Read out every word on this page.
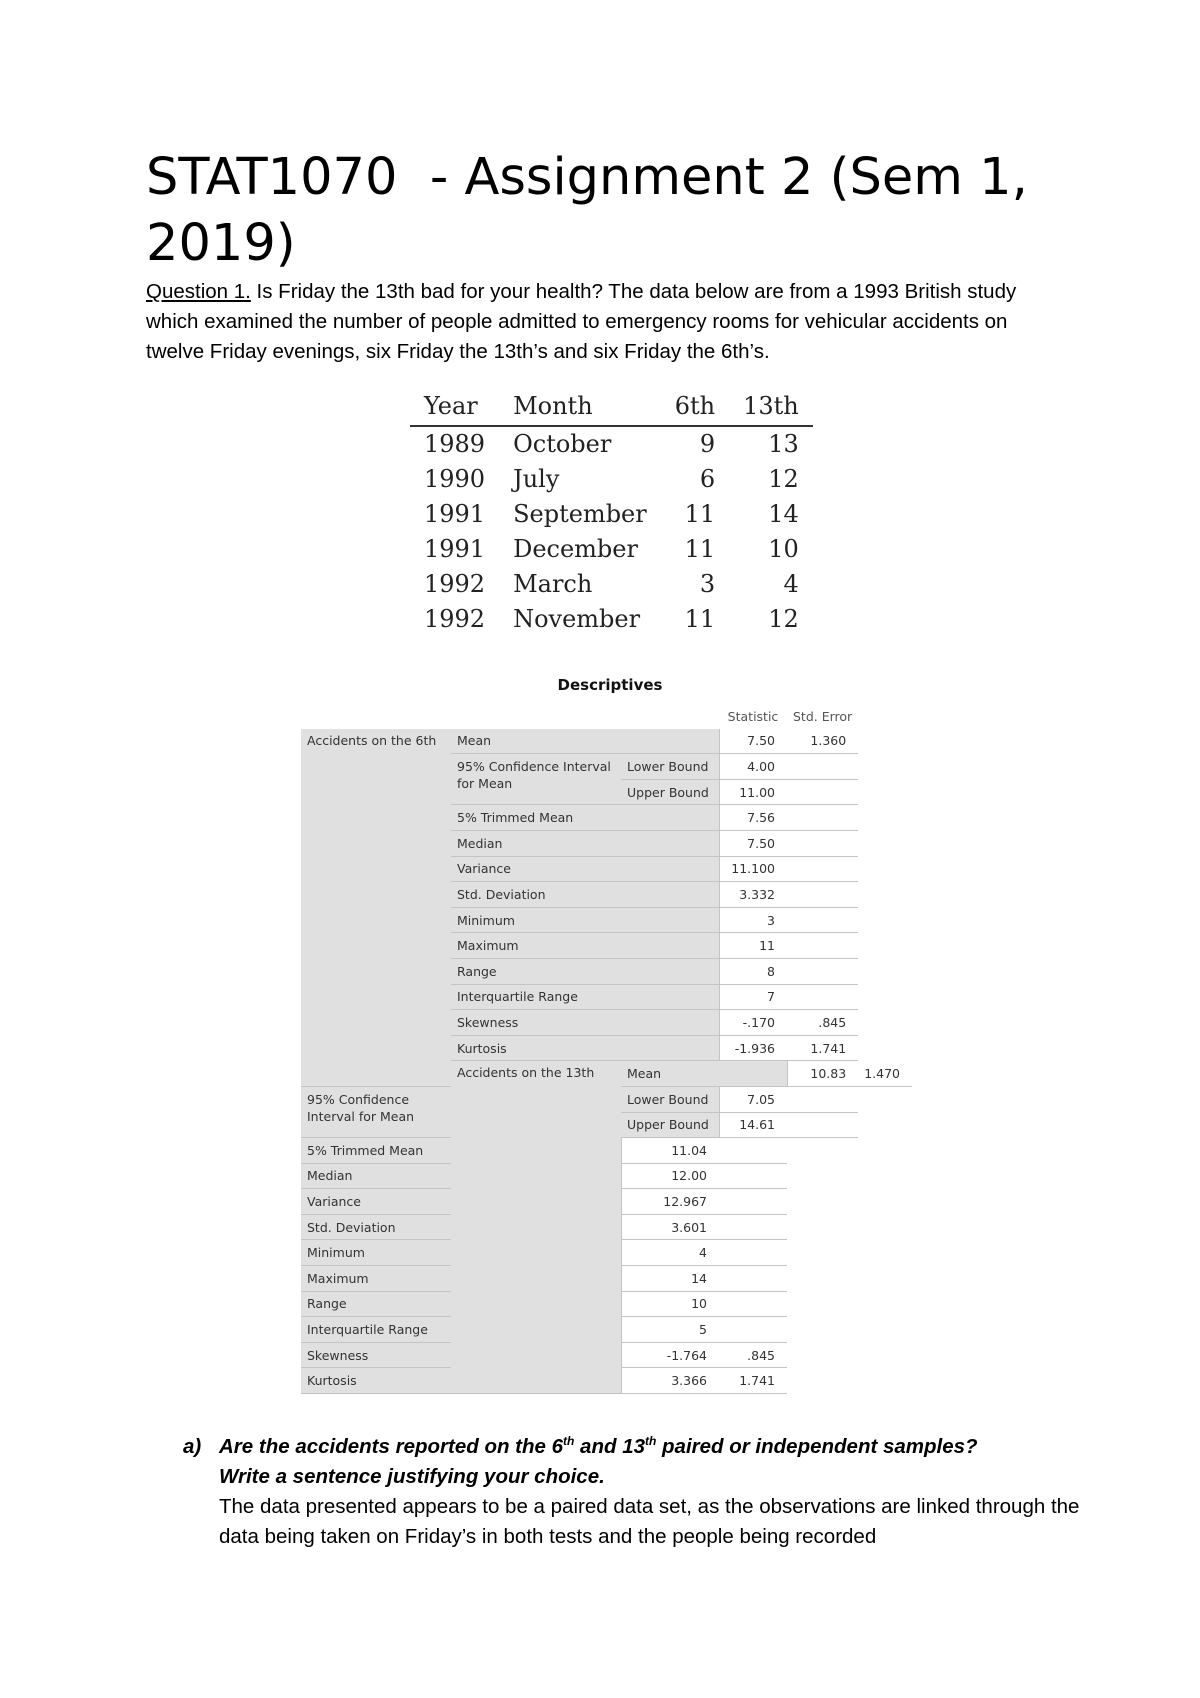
STAT1070  - Assignment 2 (Sem 1, 2019)

Question 1. Is Friday the 13th bad for your health? The data below are from a 1993 British study which examined the number of people admitted to emergency rooms for vehicular accidents on twelve Friday evenings, six Friday the 13th’s and six Friday the 6th’s.

Year	Month	6th	13th
1989	October	9	13
1990	July	6	12
1991	September	11	14
1991	December	11	10
1992	March	3	4
1992	November	11	12
Descriptives
			Statistic	Std. Error	
Accidents on the 6th	Mean		7.50	1.360	
	95% Confidence Interval for Mean	Lower Bound	4.00		
		Upper Bound	11.00		
	5% Trimmed Mean		7.56		
	Median		7.50		
	Variance		11.100		
	Std. Deviation		3.332		
	Minimum		3		
	Maximum		11		
	Range		8		
	Interquartile Range		7		
	Skewness		-.170	.845	
	Kurtosis		-1.936	1.741	
	Accidents on the 13th	Mean		10.83	1.470
95% Confidence Interval for Mean		Lower Bound	7.05		
		Upper Bound	14.61		
5% Trimmed Mean		11.04			
Median		12.00			
Variance		12.967			
Std. Deviation		3.601			
Minimum		4			
Maximum		14			
Range		10			
Interquartile Range		5			
Skewness		-1.764	.845		
Kurtosis		3.366	1.741		
a) Are the accidents reported on the 6th and 13th paired or independent samples?
Write a sentence justifying your choice.
The data presented appears to be a paired data set, as the observations are linked through the data being taken on Friday’s in both tests and the people being recorded
